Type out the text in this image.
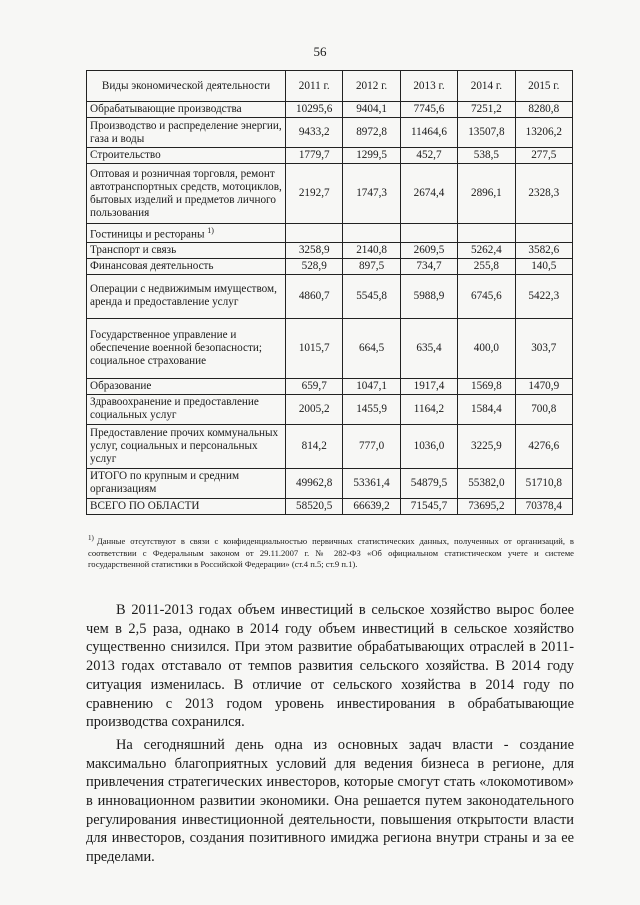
56
Виды экономической деятельности	2011 г.	2012 г.	2013 г.	2014 г.	2015 г.
Обрабатывающие производства	10295,6	9404,1	7745,6	7251,2	8280,8
Производство и распределение энергии, газа и воды	9433,2	8972,8	11464,6	13507,8	13206,2
Строительство	1779,7	1299,5	452,7	538,5	277,5
Оптовая и розничная торговля, ремонт автотранспортных средств, мотоциклов, бытовых изделий и предметов личного пользования	2192,7	1747,3	2674,4	2896,1	2328,3
Гостиницы и рестораны $^{1)}$					
Транспорт и связь	3258,9	2140,8	2609,5	5262,4	3582,6
Финансовая деятельность	528,9	897,5	734,7	255,8	140,5
Операции с недвижимым имуществом, аренда и предоставление услуг	4860,7	5545,8	5988,9	6745,6	5422,3
Государственное управление и обеспечение военной безопасности; социальное страхование	1015,7	664,5	635,4	400,0	303,7
Образование	659,7	1047,1	1917,4	1569,8	1470,9
Здравоохранение и предоставление социальных услуг	2005,2	1455,9	1164,2	1584,4	700,8
Предоставление прочих коммунальных услуг, социальных и персональных услуг	814,2	777,0	1036,0	3225,9	4276,6
ИТОГО по крупным и средним организациям	49962,8	53361,4	54879,5	55382,0	51710,8
ВСЕГО ПО ОБЛАСТИ	58520,5	66639,2	71545,7	73695,2	70378,4
$^{1)}$ Данные отсутствуют в связи с конфиденциальностью первичных статистических данных, полученных от организаций, в соответствии с Федеральным законом от 29.11.2007 г. № 282-ФЗ «Об официальном статистическом учете и системе государственной статистики в Российской Федерации» (ст.4 п.5; ст.9 п.1).

В 2011-2013 годах объем инвестиций в сельское хозяйство вырос более чем в 2,5 раза, однако в 2014 году объем инвестиций в сельское хозяйство существенно снизился. При этом развитие обрабатывающих отраслей в 2011-2013 годах отставало от темпов развития сельского хозяйства. В 2014 году ситуация изменилась. В отличие от сельского хозяйства в 2014 году по сравнению с 2013 годом уровень инвестирования в обрабатывающие производства сохранился.

На сегодняшний день одна из основных задач власти - создание максимально благоприятных условий для ведения бизнеса в регионе, для привлечения стратегических инвесторов, которые смогут стать «локомотивом» в инновационном развитии экономики. Она решается путем законодательного регулирования инвестиционной деятельности, повышения открытости власти для инвесторов, создания позитивного имиджа региона внутри страны и за ее пределами.
